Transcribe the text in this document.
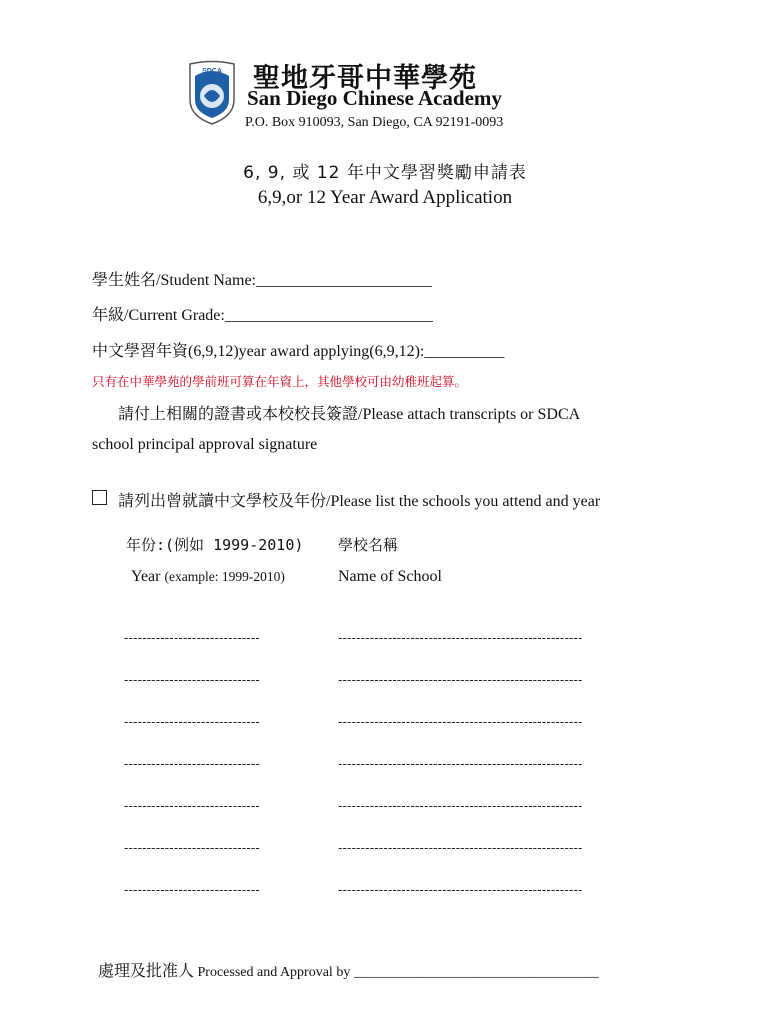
SDCA 聖地牙哥中華學苑
San Diego Chinese Academy
P.O. Box 910093, San Diego, CA 92191-0093
6, 9, 或 12 年中文學習獎勵申請表
6,9,or 12 Year Award Application
學生姓名/Student Name:______________________
年級/Current Grade:__________________________
中文學習年資(6,9,12)year award applying(6,9,12):__________
只有在中華學苑的學前班可算在年資上，其他學校可由幼稚班起算。
請付上相關的證書或本校校長簽證/Please attach transcripts or SDCA
school principal approval signature
請列出曾就讀中文學校及年份/Please list the schools you attend and year
年份:(例如 1999-2010) 學校名稱
Year (example: 1999-2010)	Name of School
------------------------------	------------------------------------------------------
------------------------------	------------------------------------------------------
------------------------------	------------------------------------------------------
------------------------------	------------------------------------------------------
------------------------------	------------------------------------------------------
------------------------------	------------------------------------------------------
------------------------------	------------------------------------------------------
處理及批准人 Processed and Approval by ___________________________________
